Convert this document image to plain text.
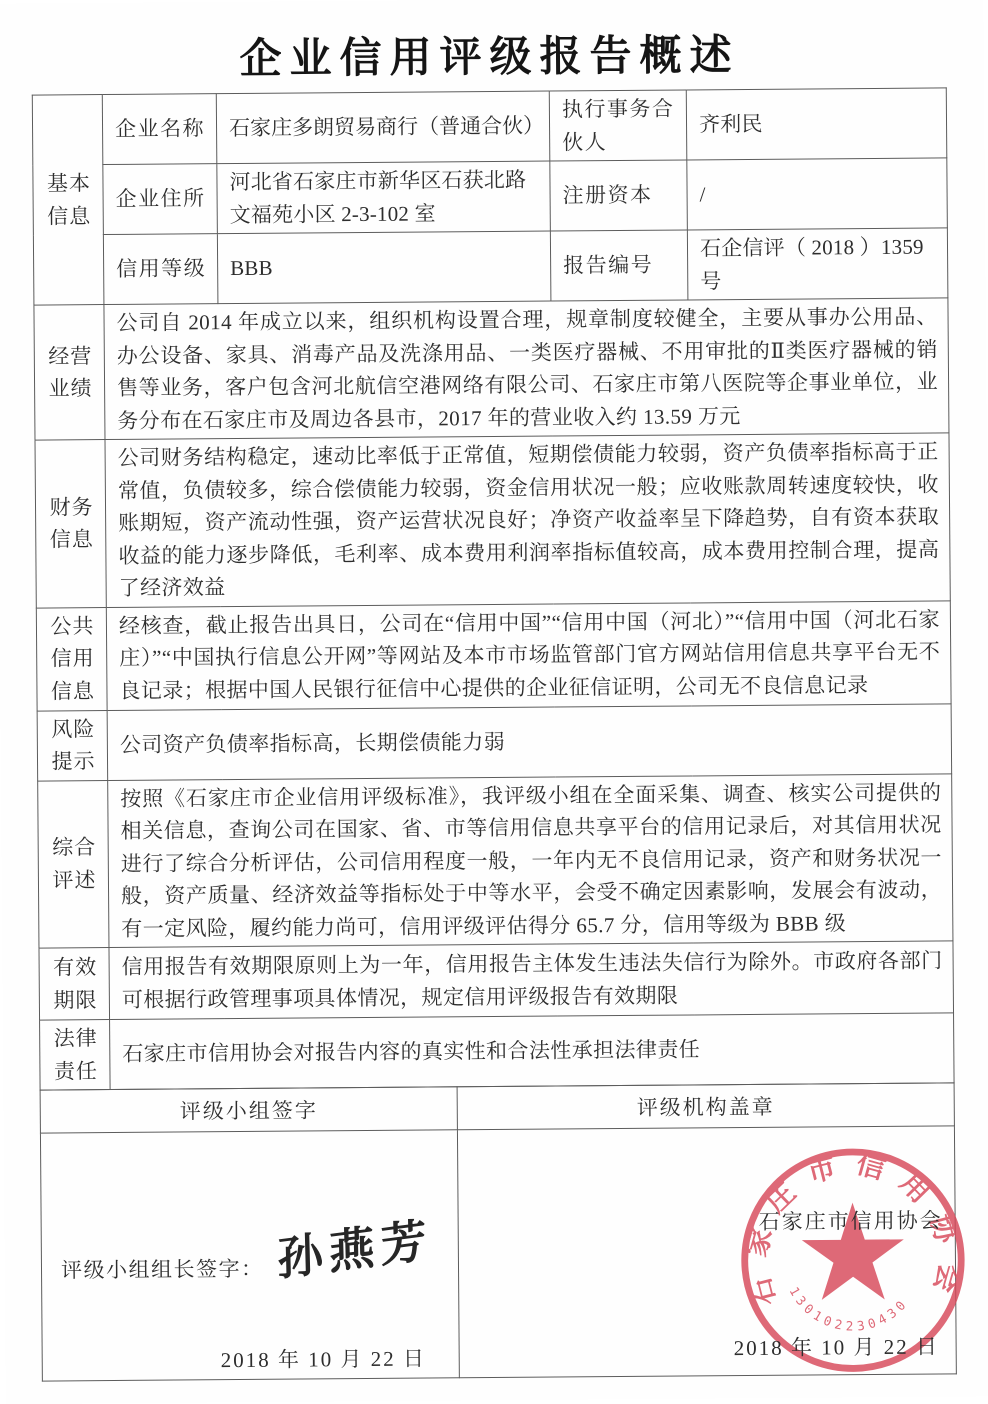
企业信用评级报告概述
基本信息	企业名称	石家庄多朗贸易商行（普通合伙）	执行事务合伙人	齐利民
	企业住所	河北省石家庄市新华区石获北路文福苑小区 2-3-102 室	注册资本	/
	信用等级	BBB	报告编号	石企信评（ 2018 ）1359 号
经营业绩	公司自 2014 年成立以来，组织机构设置合理，规章制度较健全，主要从事办公用品、办公设备、家具、消毒产品及洗涤用品、一类医疗器械、不用审批的Ⅱ类医疗器械的销售等业务，客户包含河北航信空港网络有限公司、石家庄市第八医院等企事业单位，业务分布在石家庄市及周边各县市，2017 年的营业收入约 13.59 万元			
财务信息	公司财务结构稳定，速动比率低于正常值，短期偿债能力较弱，资产负债率指标高于正常值，负债较多，综合偿债能力较弱，资金信用状况一般；应收账款周转速度较快，收账期短，资产流动性强，资产运营状况良好；净资产收益率呈下降趋势，自有资本获取收益的能力逐步降低，毛利率、成本费用利润率指标值较高，成本费用控制合理，提高了经济效益			
公共信用信息	经核查，截止报告出具日，公司在“信用中国”“信用中国（河北）”“信用中国（河北石家庄）”“中国执行信息公开网”等网站及本市市场监管部门官方网站信用信息共享平台无不良记录；根据中国人民银行征信中心提供的企业征信证明，公司无不良信息记录			
风险提示	公司资产负债率指标高，长期偿债能力弱			
综合评述	按照《石家庄市企业信用评级标准》，我评级小组在全面采集、调查、核实公司提供的相关信息，查询公司在国家、省、市等信用信息共享平台的信用记录后，对其信用状况进行了综合分析评估，公司信用程度一般，一年内无不良信用记录，资产和财务状况一般，资产质量、经济效益等指标处于中等水平，会受不确定因素影响，发展会有波动，有一定风险，履约能力尚可，信用评级评估得分 65.7 分，信用等级为 BBB 级			
有效期限	信用报告有效期限原则上为一年，信用报告主体发生违法失信行为除外。市政府各部门可根据行政管理事项具体情况，规定信用评级报告有效期限			
法律责任	石家庄市信用协会对报告内容的真实性和合法性承担法律责任			
评级小组签字	评级机构盖章

评级小组组长签字： 孙燕芳
2018 年 10 月 22 日

石家庄市信用协会
石家庄市信用协会
130102230430
2018 年 10 月 22 日
